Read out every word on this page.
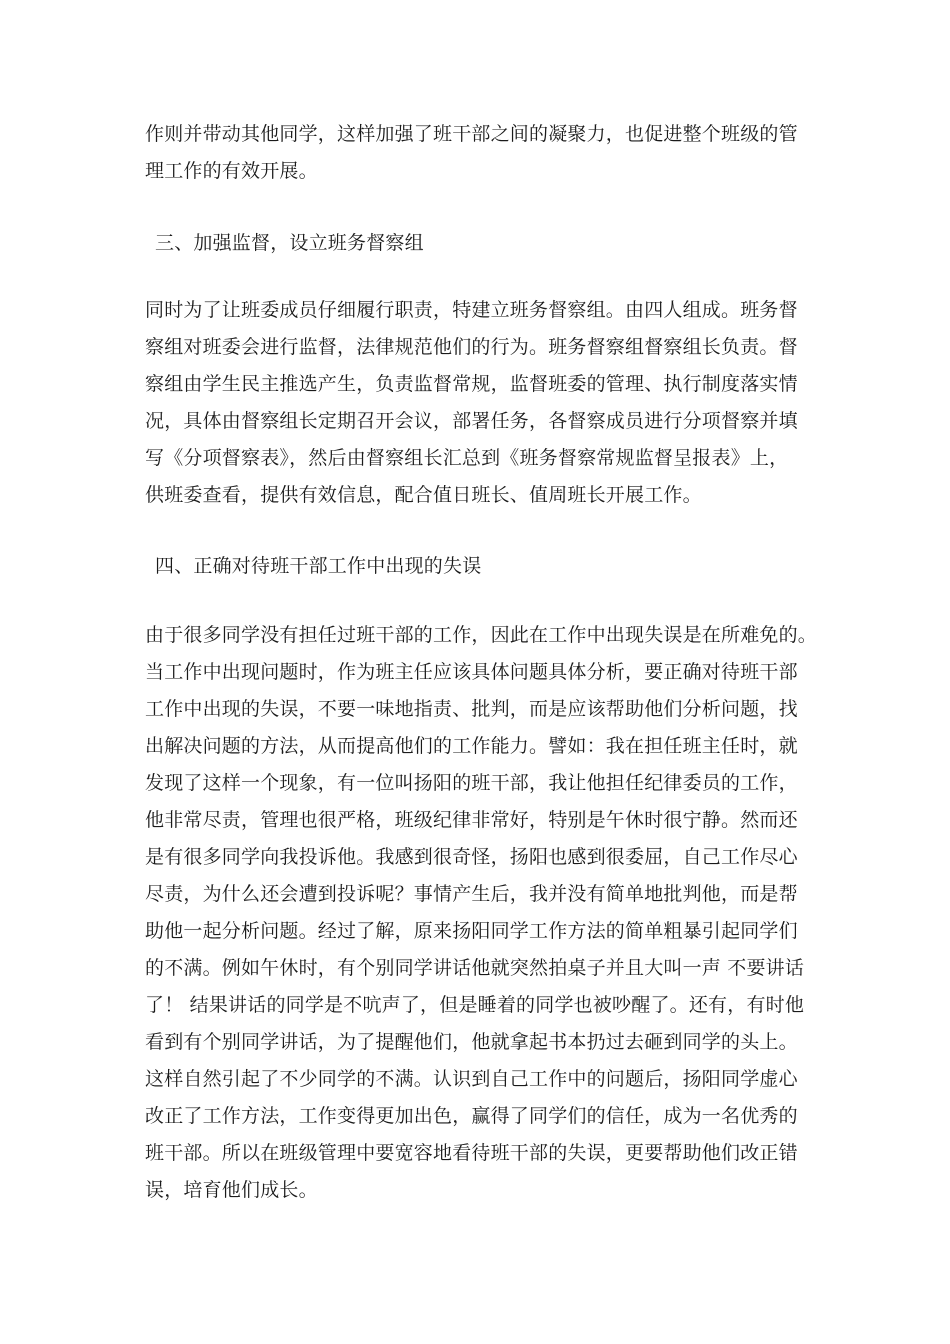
作则并带动其他同学，这样加强了班干部之间的凝聚力，也促进整个班级的管
理工作的有效开展。
三、加强监督，设立班务督察组
同时为了让班委成员仔细履行职责，特建立班务督察组。由四人组成。班务督
察组对班委会进行监督，法律规范他们的行为。班务督察组督察组长负责。督
察组由学生民主推选产生，负责监督常规，监督班委的管理、执行制度落实情
况，具体由督察组长定期召开会议，部署任务，各督察成员进行分项督察并填
写《分项督察表》，然后由督察组长汇总到《班务督察常规监督呈报表》上，
供班委查看，提供有效信息，配合值日班长、值周班长开展工作。
四、正确对待班干部工作中出现的失误
由于很多同学没有担任过班干部的工作，因此在工作中出现失误是在所难免的。
当工作中出现问题时，作为班主任应该具体问题具体分析，要正确对待班干部
工作中出现的失误，不要一味地指责、批判，而是应该帮助他们分析问题，找
出解决问题的方法，从而提高他们的工作能力。譬如：我在担任班主任时，就
发现了这样一个现象，有一位叫扬阳的班干部，我让他担任纪律委员的工作，
他非常尽责，管理也很严格，班级纪律非常好，特别是午休时很宁静。然而还
是有很多同学向我投诉他。我感到很奇怪，扬阳也感到很委屈，自己工作尽心
尽责，为什么还会遭到投诉呢？事情产生后，我并没有简单地批判他，而是帮
助他一起分析问题。经过了解，原来扬阳同学工作方法的简单粗暴引起同学们
的不满。例如午休时，有个别同学讲话他就突然拍桌子并且大叫一声 不要讲话
了！ 结果讲话的同学是不吭声了，但是睡着的同学也被吵醒了。还有，有时他
看到有个别同学讲话，为了提醒他们，他就拿起书本扔过去砸到同学的头上。
这样自然引起了不少同学的不满。认识到自己工作中的问题后，扬阳同学虚心
改正了工作方法，工作变得更加出色，赢得了同学们的信任，成为一名优秀的
班干部。所以在班级管理中要宽容地看待班干部的失误，更要帮助他们改正错
误，培育他们成长。
